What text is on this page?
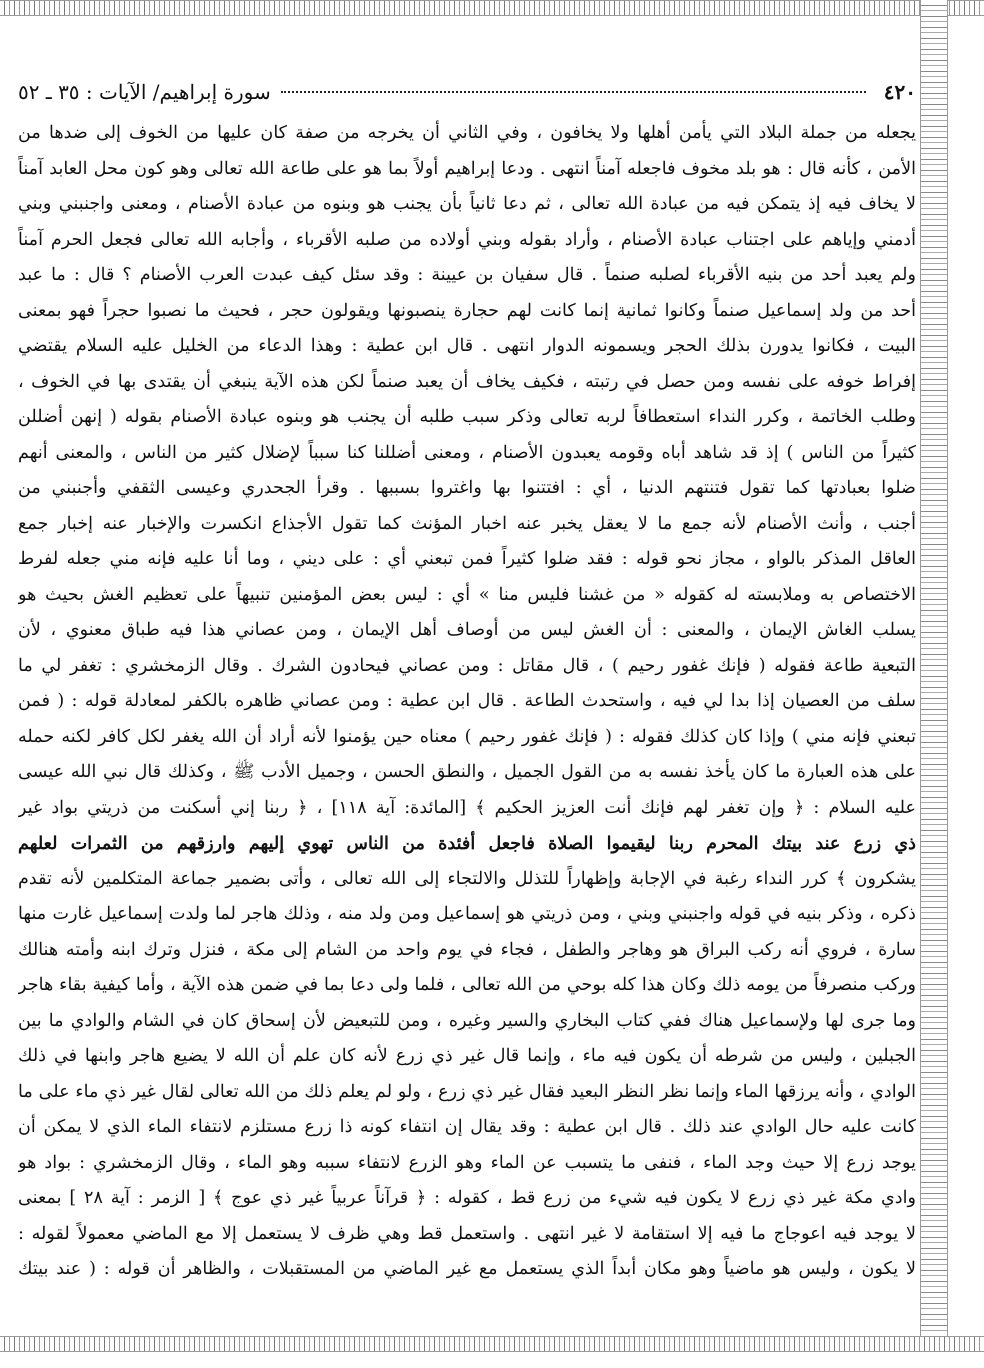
٤٢٠
سورة إبراهيم/ الآيات : ٣٥ ـ ٥٢
يجعله من جملة البلاد التي يأمن أهلها ولا يخافون ، وفي الثاني أن يخرجه من صفة كان عليها من الخوف إلى ضدها من
الأمن ، كأنه قال : هو بلد مخوف فاجعله آمناً انتهى . ودعا إبراهيم أولاً بما هو على طاعة الله تعالى وهو كون محل العابد آمناً
لا يخاف فيه إذ يتمكن فيه من عبادة الله تعالى ، ثم دعا ثانياً بأن يجنب هو وبنوه من عبادة الأصنام ، ومعنى واجنبني وبني
أدمني وإياهم على اجتناب عبادة الأصنام ، وأراد بقوله وبني أولاده من صلبه الأقرباء ، وأجابه الله تعالى فجعل الحرم آمناً
ولم يعبد أحد من بنيه الأقرباء لصلبه صنماً . قال سفيان بن عيينة : وقد سئل كيف عبدت العرب الأصنام ؟ قال : ما عبد
أحد من ولد إسماعيل صنماً وكانوا ثمانية إنما كانت لهم حجارة ينصبونها ويقولون حجر ، فحيث ما نصبوا حجراً فهو بمعنى
البيت ، فكانوا يدورن بذلك الحجر ويسمونه الدوار انتهى . قال ابن عطية : وهذا الدعاء من الخليل عليه السلام يقتضي
إفراط خوفه على نفسه ومن حصل في رتبته ، فكيف يخاف أن يعبد صنماً لكن هذه الآية ينبغي أن يقتدى بها في الخوف ،
وطلب الخاتمة ، وكرر النداء استعطافاً لربه تعالى وذكر سبب طلبه أن يجنب هو وبنوه عبادة الأصنام بقوله ( إنهن أضللن
كثيراً من الناس ) إذ قد شاهد أباه وقومه يعبدون الأصنام ، ومعنى أضللنا كنا سبباً لإضلال كثير من الناس ، والمعنى أنهم
ضلوا بعبادتها كما تقول فتنتهم الدنيا ، أي : افتتنوا بها واغتروا بسببها . وقرأ الجحدري وعيسى الثقفي وأجنبني من
أجنب ، وأنث الأصنام لأنه جمع ما لا يعقل يخبر عنه اخبار المؤنث كما تقول الأجذاع انكسرت والإخبار عنه إخبار جمع
العاقل المذكر بالواو ، مجاز نحو قوله : فقد ضلوا كثيراً فمن تبعني أي : على ديني ، وما أنا عليه فإنه مني جعله لفرط
الاختصاص به وملابسته له كقوله « من غشنا فليس منا » أي : ليس بعض المؤمنين تنبيهاً على تعظيم الغش بحيث هو
يسلب الغاش الإيمان ، والمعنى : أن الغش ليس من أوصاف أهل الإيمان ، ومن عصاني هذا فيه طباق معنوي ، لأن
التبعية طاعة فقوله ( فإنك غفور رحيم ) ، قال مقاتل : ومن عصاني فيحادون الشرك . وقال الزمخشري : تغفر لي ما
سلف من العصيان إذا بدا لي فيه ، واستحدث الطاعة . قال ابن عطية : ومن عصاني ظاهره بالكفر لمعادلة قوله : ( فمن
تبعني فإنه مني ) وإذا كان كذلك فقوله : ( فإنك غفور رحيم ) معناه حين يؤمنوا لأنه أراد أن الله يغفر لكل كافر لكنه حمله
على هذه العبارة ما كان يأخذ نفسه به من القول الجميل ، والنطق الحسن ، وجميل الأدب ﷺ ، وكذلك قال نبي الله عيسى
عليه السلام : ﴿ وإن تغفر لهم فإنك أنت العزيز الحكيم ﴾ [المائدة: آية ١١٨] ، ﴿ ربنا إني أسكنت من ذريتي بواد غير
ذي زرع عند بيتك المحرم ربنا ليقيموا الصلاة فاجعل أفئدة من الناس تهوي إليهم وارزقهم من الثمرات لعلهم
يشكرون ﴾ كرر النداء رغبة في الإجابة وإظهاراً للتذلل والالتجاء إلى الله تعالى ، وأتى بضمير جماعة المتكلمين لأنه تقدم
ذكره ، وذكر بنيه في قوله واجنبني وبني ، ومن ذريتي هو إسماعيل ومن ولد منه ، وذلك هاجر لما ولدت إسماعيل غارت منها
سارة ، فروي أنه ركب البراق هو وهاجر والطفل ، فجاء في يوم واحد من الشام إلى مكة ، فنزل وترك ابنه وأمته هنالك
وركب منصرفاً من يومه ذلك وكان هذا كله بوحي من الله تعالى ، فلما ولى دعا بما في ضمن هذه الآية ، وأما كيفية بقاء هاجر
وما جرى لها ولإسماعيل هناك ففي كتاب البخاري والسير وغيره ، ومن للتبعيض لأن إسحاق كان في الشام والوادي ما بين
الجبلين ، وليس من شرطه أن يكون فيه ماء ، وإنما قال غير ذي زرع لأنه كان علم أن الله لا يضيع هاجر وابنها في ذلك
الوادي ، وأنه يرزقها الماء وإنما نظر النظر البعيد فقال غير ذي زرع ، ولو لم يعلم ذلك من الله تعالى لقال غير ذي ماء على ما
كانت عليه حال الوادي عند ذلك . قال ابن عطية : وقد يقال إن انتفاء كونه ذا زرع مستلزم لانتفاء الماء الذي لا يمكن أن
يوجد زرع إلا حيث وجد الماء ، فنفى ما يتسبب عن الماء وهو الزرع لانتفاء سببه وهو الماء ، وقال الزمخشري : بواد هو
وادي مكة غير ذي زرع لا يكون فيه شيء من زرع قط ، كقوله : ﴿ قرآناً عربياً غير ذي عوج ﴾ [ الزمر : آية ٢٨ ] بمعنى
لا يوجد فيه اعوجاج ما فيه إلا استقامة لا غير انتهى . واستعمل قط وهي ظرف لا يستعمل إلا مع الماضي معمولاً لقوله :
لا يكون ، وليس هو ماضياً وهو مكان أبداً الذي يستعمل مع غير الماضي من المستقبلات ، والظاهر أن قوله : ( عند بيتك
